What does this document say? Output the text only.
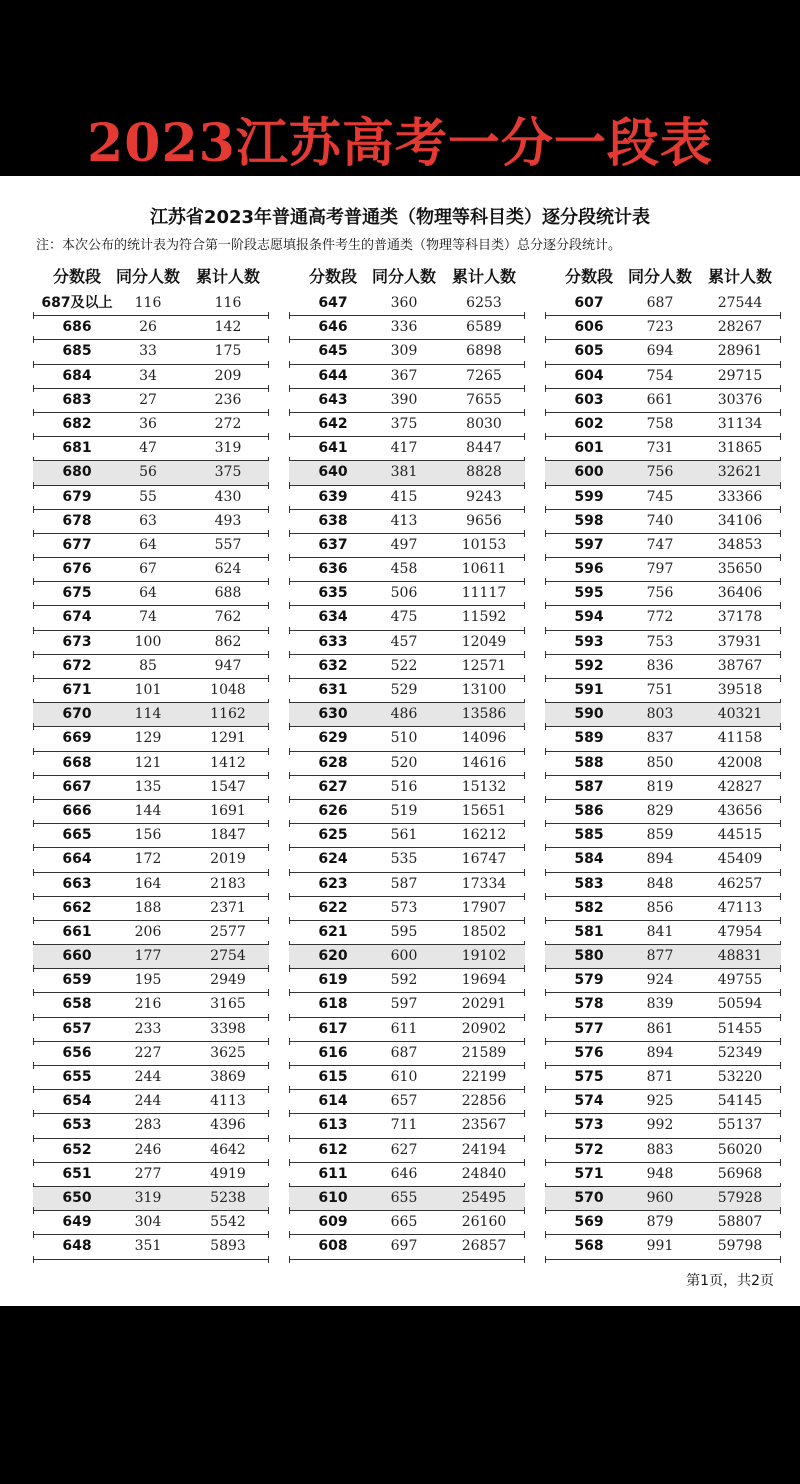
2023江苏高考一分一段表
江苏省2023年普通高考普通类（物理等科目类）逐分段统计表
注：本次公布的统计表为符合第一阶段志愿填报条件考生的普通类（物理等科目类）总分逐分段统计。
分数段 同分人数 累计人数
687及以上	116	116
686	26	142
685	33	175
684	34	209
683	27	236
682	36	272
681	47	319
680	56	375
679	55	430
678	63	493
677	64	557
676	67	624
675	64	688
674	74	762
673	100	862
672	85	947
671	101	1048
670	114	1162
669	129	1291
668	121	1412
667	135	1547
666	144	1691
665	156	1847
664	172	2019
663	164	2183
662	188	2371
661	206	2577
660	177	2754
659	195	2949
658	216	3165
657	233	3398
656	227	3625
655	244	3869
654	244	4113
653	283	4396
652	246	4642
651	277	4919
650	319	5238
649	304	5542
648	351	5893
分数段 同分人数 累计人数
647	360	6253
646	336	6589
645	309	6898
644	367	7265
643	390	7655
642	375	8030
641	417	8447
640	381	8828
639	415	9243
638	413	9656
637	497	10153
636	458	10611
635	506	11117
634	475	11592
633	457	12049
632	522	12571
631	529	13100
630	486	13586
629	510	14096
628	520	14616
627	516	15132
626	519	15651
625	561	16212
624	535	16747
623	587	17334
622	573	17907
621	595	18502
620	600	19102
619	592	19694
618	597	20291
617	611	20902
616	687	21589
615	610	22199
614	657	22856
613	711	23567
612	627	24194
611	646	24840
610	655	25495
609	665	26160
608	697	26857
分数段 同分人数 累计人数
607	687	27544
606	723	28267
605	694	28961
604	754	29715
603	661	30376
602	758	31134
601	731	31865
600	756	32621
599	745	33366
598	740	34106
597	747	34853
596	797	35650
595	756	36406
594	772	37178
593	753	37931
592	836	38767
591	751	39518
590	803	40321
589	837	41158
588	850	42008
587	819	42827
586	829	43656
585	859	44515
584	894	45409
583	848	46257
582	856	47113
581	841	47954
580	877	48831
579	924	49755
578	839	50594
577	861	51455
576	894	52349
575	871	53220
574	925	54145
573	992	55137
572	883	56020
571	948	56968
570	960	57928
569	879	58807
568	991	59798
第1页，共2页
